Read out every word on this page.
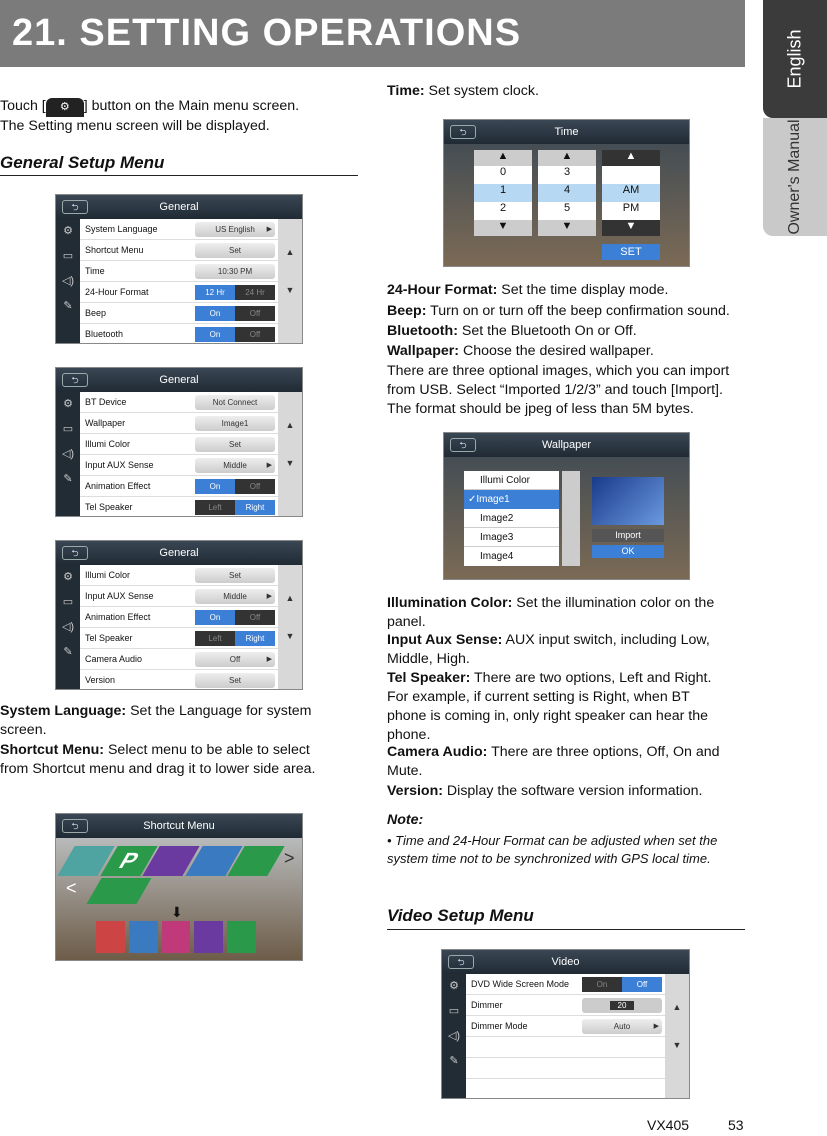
21. SETTING OPERATIONS	English
Owner's Manual
Touch [ ⚙ ] button on the Main menu screen.
The Setting menu screen will be displayed.
General Setup Menu
⮌	General
⚙
▭
◁)
✎
System Language	US English ▶
Shortcut Menu	Set
Time	10:30 PM
24-Hour Format	12 Hr	24 Hr
Beep	On	Off
Bluetooth	On	Off
▲
▼
⮌	General
⚙
▭
◁)
✎
BT Device	Not Connect
Wallpaper	Image1
Illumi Color	Set
Input AUX Sense	Middle ▶
Animation Effect	On	Off
Tel Speaker	Left	Right
▲
▼
⮌	General
⚙
▭
◁)
✎
Illumi Color	Set
Input AUX Sense	Middle ▶
Animation Effect	On	Off
Tel Speaker	Left	Right
Camera Audio	Off ▶
Version	Set
▲
▼
System Language: Set the Language for system screen.
Shortcut Menu: Select menu to be able to select from Shortcut menu and drag it to lower side area.
⮌	Shortcut Menu
P	>
<
⬇
Time: Set system clock.
⮌	Time
▲
0
1
2
▼
▲
3
4
5
▼
▲
AM
PM
▼
SET
24-Hour Format: Set the time display mode.
Beep: Turn on or turn off the beep confirmation sound.
Bluetooth: Set the Bluetooth On or Off.
Wallpaper: Choose the desired wallpaper.
There are three optional images, which you can import from USB. Select “Imported 1/2/3” and touch [Import]. The format should be jpeg of less than 5M bytes.
⮌	Wallpaper
Illumi Color
✓Image1
Image2
Image3
Image4
Import
OK
Illumination Color: Set the illumination color on the panel.
Input Aux Sense: AUX input switch, including Low, Middle, High.
Tel Speaker: There are two options, Left and Right. For example, if current setting is Right, when BT phone is coming in, only right speaker can hear the phone.
Camera Audio: There are three options, Off, On and Mute.
Version: Display the software version information.
Note:
• Time and 24-Hour Format can be adjusted when set the system time not to be synchronized with GPS local time.
Video Setup Menu
⮌	Video
⚙
▭
◁)
✎
DVD Wide Screen Mode	On	Off
Dimmer	20
Dimmer Mode	Auto ▶
▲
▼
VX405	53
